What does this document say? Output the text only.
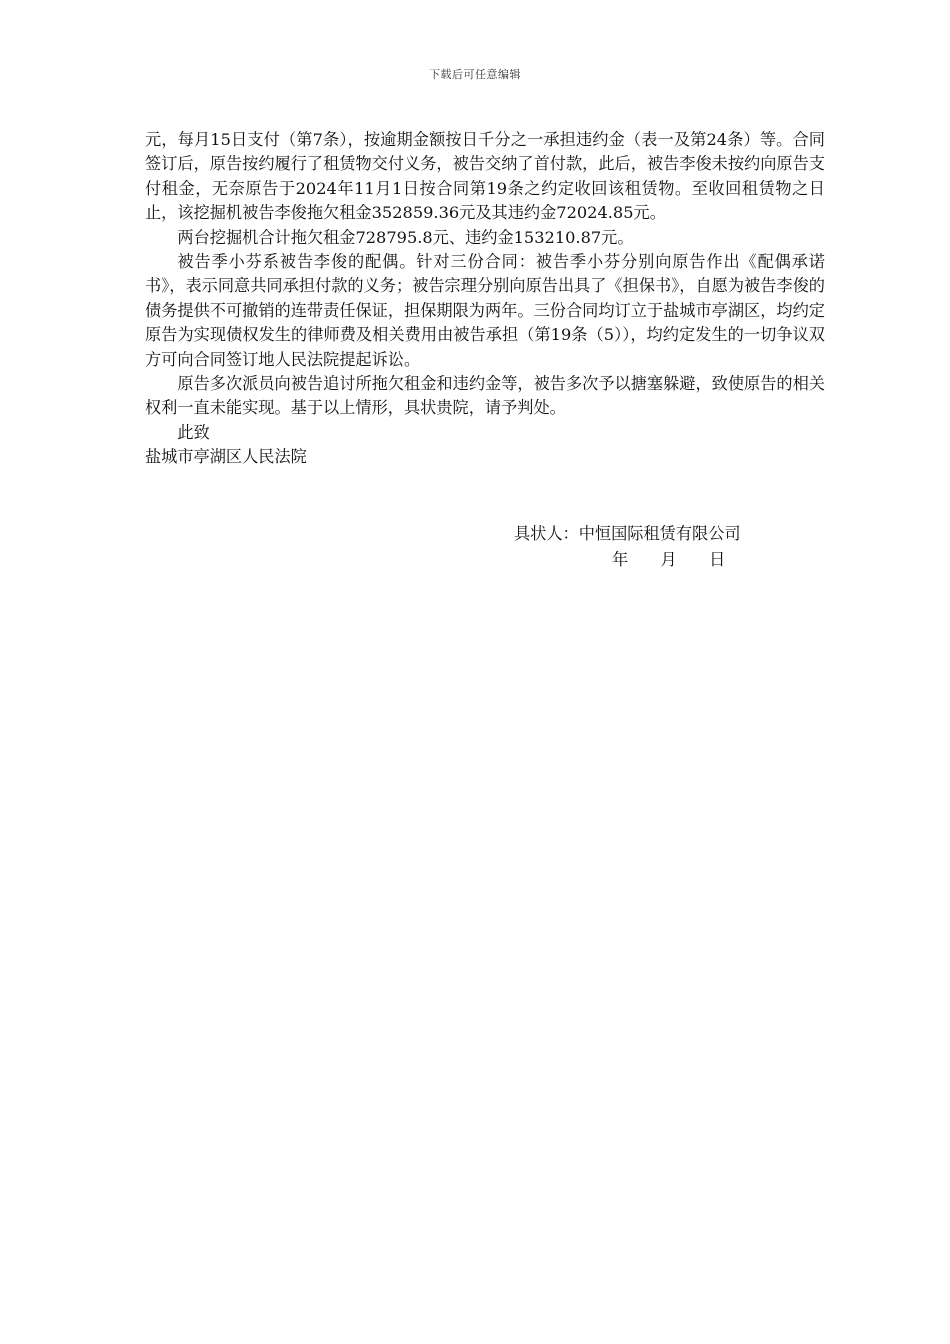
下载后可任意编辑

元，每月15日支付（第7条），按逾期金额按日千分之一承担违约金（表一及第24条）等。合同签订后，原告按约履行了租赁物交付义务，被告交纳了首付款，此后，被告李俊未按约向原告支付租金，无奈原告于2024年11月1日按合同第19条之约定收回该租赁物。至收回租赁物之日止，该挖掘机被告李俊拖欠租金352859.36元及其违约金72024.85元。

两台挖掘机合计拖欠租金728795.8元、违约金153210.87元。

被告季小芬系被告李俊的配偶。针对三份合同：被告季小芬分别向原告作出《配偶承诺书》，表示同意共同承担付款的义务；被告宗理分别向原告出具了《担保书》，自愿为被告李俊的债务提供不可撤销的连带责任保证，担保期限为两年。三份合同均订立于盐城市亭湖区，均约定原告为实现债权发生的律师费及相关费用由被告承担（第19条（5）），均约定发生的一切争议双方可向合同签订地人民法院提起诉讼。

原告多次派员向被告追讨所拖欠租金和违约金等，被告多次予以搪塞躲避，致使原告的相关权利一直未能实现。基于以上情形，具状贵院，请予判处。

此致

盐城市亭湖区人民法院

具状人：中恒国际租赁有限公司
年　　月　　日
